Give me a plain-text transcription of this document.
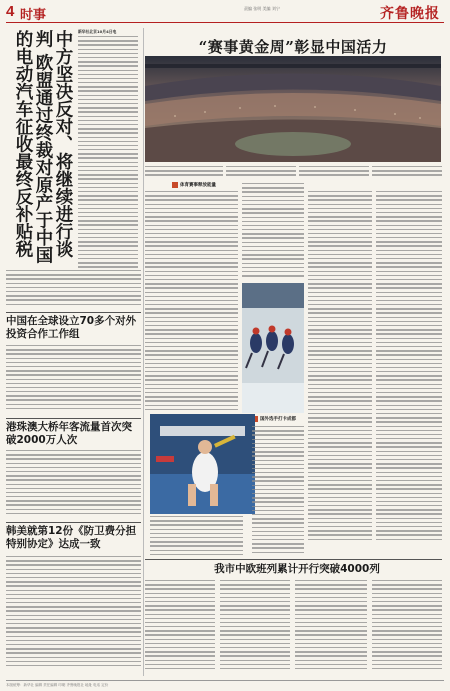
4 时事	责编 张明 美编 刘宁	齐鲁晚报
中方坚决反对、将继续进行谈判 欧盟通过终裁对原产于中国的电动汽车征收最终反补贴税	新华社北京10月4日电
中国在全球设立70多个对外投资合作工作组
港珠澳大桥年客流量首次突破2000万人次
韩美就第12份《防卫费分担特别协定》达成一致
“赛事黄金周”彰显中国活力
体育赛事释放能量
国外选手打卡成都
我市中欧班列累计开行突破4000列
本版统筹：新华社 编辑 责任编辑 印刷 齐鲁晚报社 地址 电话 定价
